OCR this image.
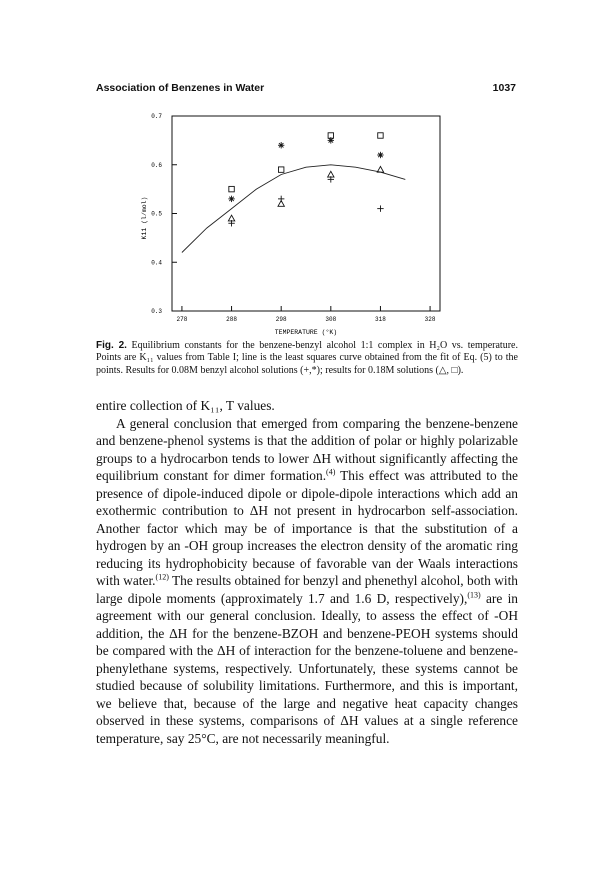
Association of Benzenes in Water	1037
0.3
0.4
0.5
0.6
0.7
278	288	298	308	318	328
K11 (l/mol)
TEMPERATURE (°K)
Fig. 2. Equilibrium constants for the benzene-benzyl alcohol 1:1 complex in H₂O vs. temperature. Points are K₁₁ values from Table I; line is the least squares curve obtained from the fit of Eq. (5) to the points. Results for 0.08M benzyl alcohol solutions (+,*); results for 0.18M solutions (△, □).

entire collection of K₁₁, T values.

A general conclusion that emerged from comparing the benzene-benzene and benzene-phenol systems is that the addition of polar or highly polarizable groups to a hydrocarbon tends to lower ΔH without significantly affecting the equilibrium constant for dimer formation.$^{(4)}$ This effect was attributed to the presence of dipole-induced dipole or dipole-dipole interactions which add an exothermic contribution to ΔH not present in hydrocarbon self-association. Another factor which may be of importance is that the substitution of a hydrogen by an -OH group increases the electron density of the aromatic ring reducing its hydrophobicity because of favorable van der Waals interactions with water.$^{(12)}$ The results obtained for benzyl and phenethyl alcohol, both with large dipole moments (approximately 1.7 and 1.6 D, respectively),$^{(13)}$ are in agreement with our general conclusion. Ideally, to assess the effect of -OH addition, the ΔH for the benzene-BZOH and benzene-PEOH systems should be compared with the ΔH of interaction for the benzene-toluene and benzene-phenylethane systems, respectively. Unfortunately, these systems cannot be studied because of solubility limitations. Furthermore, and this is important, we believe that, because of the large and negative heat capacity changes observed in these systems, comparisons of ΔH values at a single reference temperature, say 25°C, are not necessarily meaningful.
